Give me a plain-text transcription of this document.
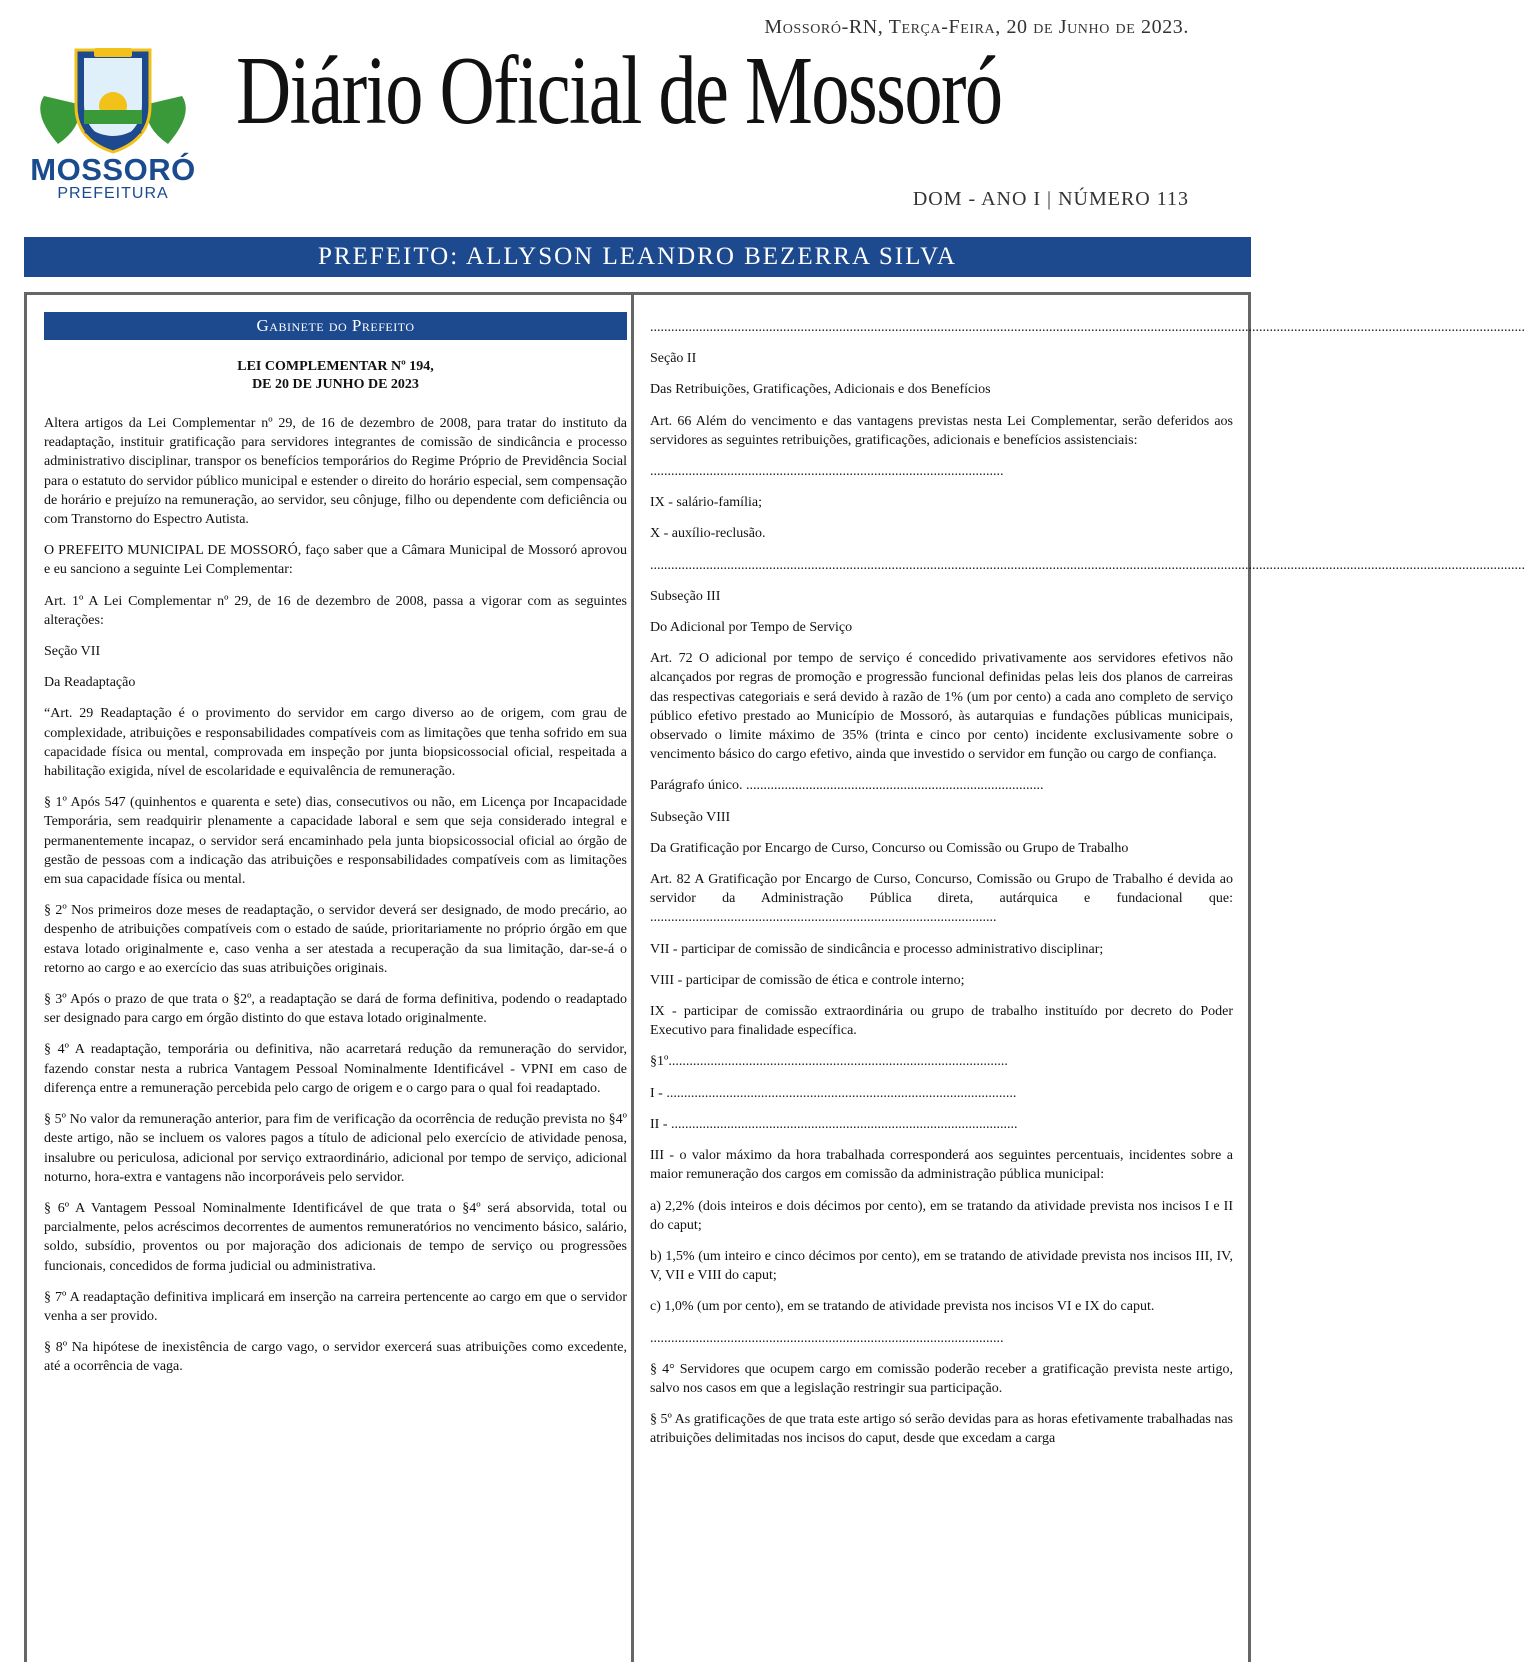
MOSSORÓ
PREFEITURA
Mossoró-RN, Terça-Feira, 20 de Junho de 2023.
Diário Oficial de Mossoró
DOM - ANO I | NÚMERO 113
PREFEITO: ALLYSON LEANDRO BEZERRA SILVA
Gabinete do Prefeito
LEI COMPLEMENTAR Nº 194,
DE 20 DE JUNHO DE 2023

Altera artigos da Lei Complementar nº 29, de 16 de dezembro de 2008, para tratar do instituto da readaptação, instituir gratificação para servidores integrantes de comissão de sindicância e processo administrativo disciplinar, transpor os benefícios temporários do Regime Próprio de Previdência Social para o estatuto do servidor público municipal e estender o direito do horário especial, sem compensação de horário e prejuízo na remuneração, ao servidor, seu cônjuge, filho ou dependente com deficiência ou com Transtorno do Espectro Autista.

O PREFEITO MUNICIPAL DE MOSSORÓ, faço saber que a Câmara Municipal de Mossoró aprovou e eu sanciono a seguinte Lei Complementar:

Art. 1º A Lei Complementar nº 29, de 16 de dezembro de 2008, passa a vigorar com as seguintes alterações:

Seção VII

Da Readaptação

“Art. 29 Readaptação é o provimento do servidor em cargo diverso ao de origem, com grau de complexidade, atribuições e responsabilidades compatíveis com as limitações que tenha sofrido em sua capacidade física ou mental, comprovada em inspeção por junta biopsicossocial oficial, respeitada a habilitação exigida, nível de escolaridade e equivalência de remuneração.

§ 1º Após 547 (quinhentos e quarenta e sete) dias, consecutivos ou não, em Licença por Incapacidade Temporária, sem readquirir plenamente a capacidade laboral e sem que seja considerado integral e permanentemente incapaz, o servidor será encaminhado pela junta biopsicossocial oficial ao órgão de gestão de pessoas com a indicação das atribuições e responsabilidades compatíveis com as limitações em sua capacidade física ou mental.

§ 2º Nos primeiros doze meses de readaptação, o servidor deverá ser designado, de modo precário, ao despenho de atribuições compatíveis com o estado de saúde, prioritariamente no próprio órgão em que estava lotado originalmente e, caso venha a ser atestada a recuperação da sua limitação, dar-se-á o retorno ao cargo e ao exercício das suas atribuições originais.

§ 3º Após o prazo de que trata o §2º, a readaptação se dará de forma definitiva, podendo o readaptado ser designado para cargo em órgão distinto do que estava lotado originalmente.

§ 4º A readaptação, temporária ou definitiva, não acarretará redução da remuneração do servidor, fazendo constar nesta a rubrica Vantagem Pessoal Nominalmente Identificável - VPNI em caso de diferença entre a remuneração percebida pelo cargo de origem e o cargo para o qual foi readaptado.

§ 5º No valor da remuneração anterior, para fim de verificação da ocorrência de redução prevista no §4º deste artigo, não se incluem os valores pagos a título de adicional pelo exercício de atividade penosa, insalubre ou periculosa, adicional por serviço extraordinário, adicional por tempo de serviço, adicional noturno, hora-extra e vantagens não incorporáveis pelo servidor.

§ 6º A Vantagem Pessoal Nominalmente Identificável de que trata o §4º será absorvida, total ou parcialmente, pelos acréscimos decorrentes de aumentos remuneratórios no vencimento básico, salário, soldo, subsídio, proventos ou por majoração dos adicionais de tempo de serviço ou progressões funcionais, concedidos de forma judicial ou administrativa.

§ 7º A readaptação definitiva implicará em inserção na carreira pertencente ao cargo em que o servidor venha a ser provido.

§ 8º Na hipótese de inexistência de cargo vago, o servidor exercerá suas atribuições como excedente, até a ocorrência de vaga.

..........................................................................................................................................................................................................................................................

Seção II

Das Retribuições, Gratificações, Adicionais e dos Benefícios

Art. 66 Além do vencimento e das vantagens previstas nesta Lei Complementar, serão deferidos aos servidores as seguintes retribuições, gratificações, adicionais e benefícios assistenciais:

.....................................................................................................

IX - salário-família;

X - auxílio-reclusão.

..........................................................................................................................................................................................................................................................

Subseção III

Do Adicional por Tempo de Serviço

Art. 72 O adicional por tempo de serviço é concedido privativamente aos servidores efetivos não alcançados por regras de promoção e progressão funcional definidas pelas leis dos planos de carreiras das respectivas categoriais e será devido à razão de 1% (um por cento) a cada ano completo de serviço público efetivo prestado ao Município de Mossoró, às autarquias e fundações públicas municipais, observado o limite máximo de 35% (trinta e cinco por cento) incidente exclusivamente sobre o vencimento básico do cargo efetivo, ainda que investido o servidor em função ou cargo de confiança.

Parágrafo único. .....................................................................................

Subseção VIII

Da Gratificação por Encargo de Curso, Concurso ou Comissão ou Grupo de Trabalho

Art. 82 A Gratificação por Encargo de Curso, Concurso, Comissão ou Grupo de Trabalho é devida ao servidor da Administração Pública direta, autárquica e fundacional que: ...................................................................................................

VII - participar de comissão de sindicância e processo administrativo disciplinar;

VIII - participar de comissão de ética e controle interno;

IX - participar de comissão extraordinária ou grupo de trabalho instituído por decreto do Poder Executivo para finalidade específica.

§1º.................................................................................................

I - ....................................................................................................

II - ...................................................................................................

III - o valor máximo da hora trabalhada corresponderá aos seguintes percentuais, incidentes sobre a maior remuneração dos cargos em comissão da administração pública municipal:

a) 2,2% (dois inteiros e dois décimos por cento), em se tratando da atividade prevista nos incisos I e II do caput;

b) 1,5% (um inteiro e cinco décimos por cento), em se tratando de atividade prevista nos incisos III, IV, V, VII e VIII do caput;

c) 1,0% (um por cento), em se tratando de atividade prevista nos incisos VI e IX do caput.

.....................................................................................................

§ 4° Servidores que ocupem cargo em comissão poderão receber a gratificação prevista neste artigo, salvo nos casos em que a legislação restringir sua participação.

§ 5º As gratificações de que trata este artigo só serão devidas para as horas efetivamente trabalhadas nas atribuições delimitadas nos incisos do caput, desde que excedam a carga
